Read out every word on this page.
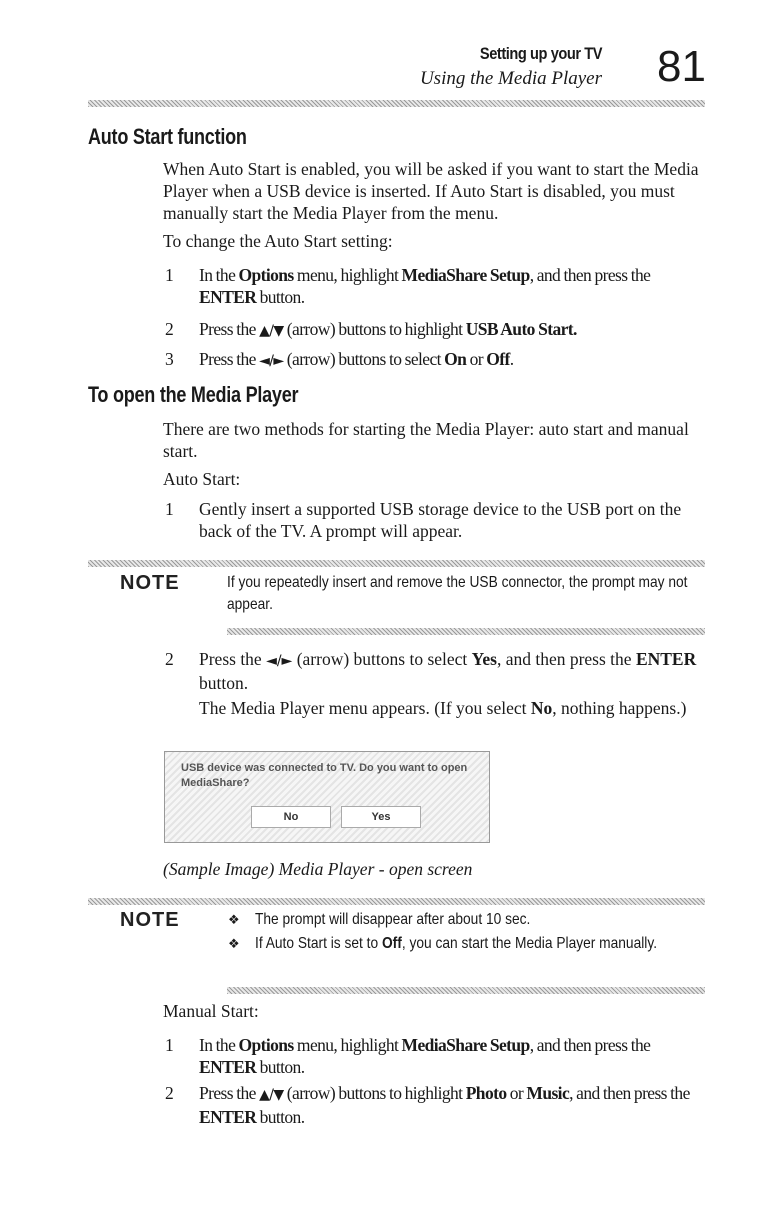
Setting up your TV
Using the Media Player 81
Auto Start function
When Auto Start is enabled, you will be asked if you want to start the Media Player when a USB device is inserted. If Auto Start is disabled, you must manually start the Media Player from the menu.
To change the Auto Start setting:
1 In the Options menu, highlight MediaShare Setup, and then press the ENTER button.
2 Press the ▲/▼ (arrow) buttons to highlight USB Auto Start.
3 Press the ◄/► (arrow) buttons to select On or Off.
To open the Media Player
There are two methods for starting the Media Player: auto start and manual start.
Auto Start:
1 Gently insert a supported USB storage device to the USB port on the back of the TV. A prompt will appear.
NOTE	If you repeatedly insert and remove the USB connector, the prompt may not appear.
2 Press the ◄/► (arrow) buttons to select Yes, and then press the ENTER button.
The Media Player menu appears. (If you select No, nothing happens.)
USB device was connected to TV. Do you want to open MediaShare?
No	Yes
(Sample Image) Media Player - open screen
NOTE	❖ The prompt will disappear after about 10 sec.
❖ If Auto Start is set to Off, you can start the Media Player manually.
Manual Start:
1 In the Options menu, highlight MediaShare Setup, and then press the ENTER button.
2 Press the ▲/▼ (arrow) buttons to highlight Photo or Music, and then press the ENTER button.
